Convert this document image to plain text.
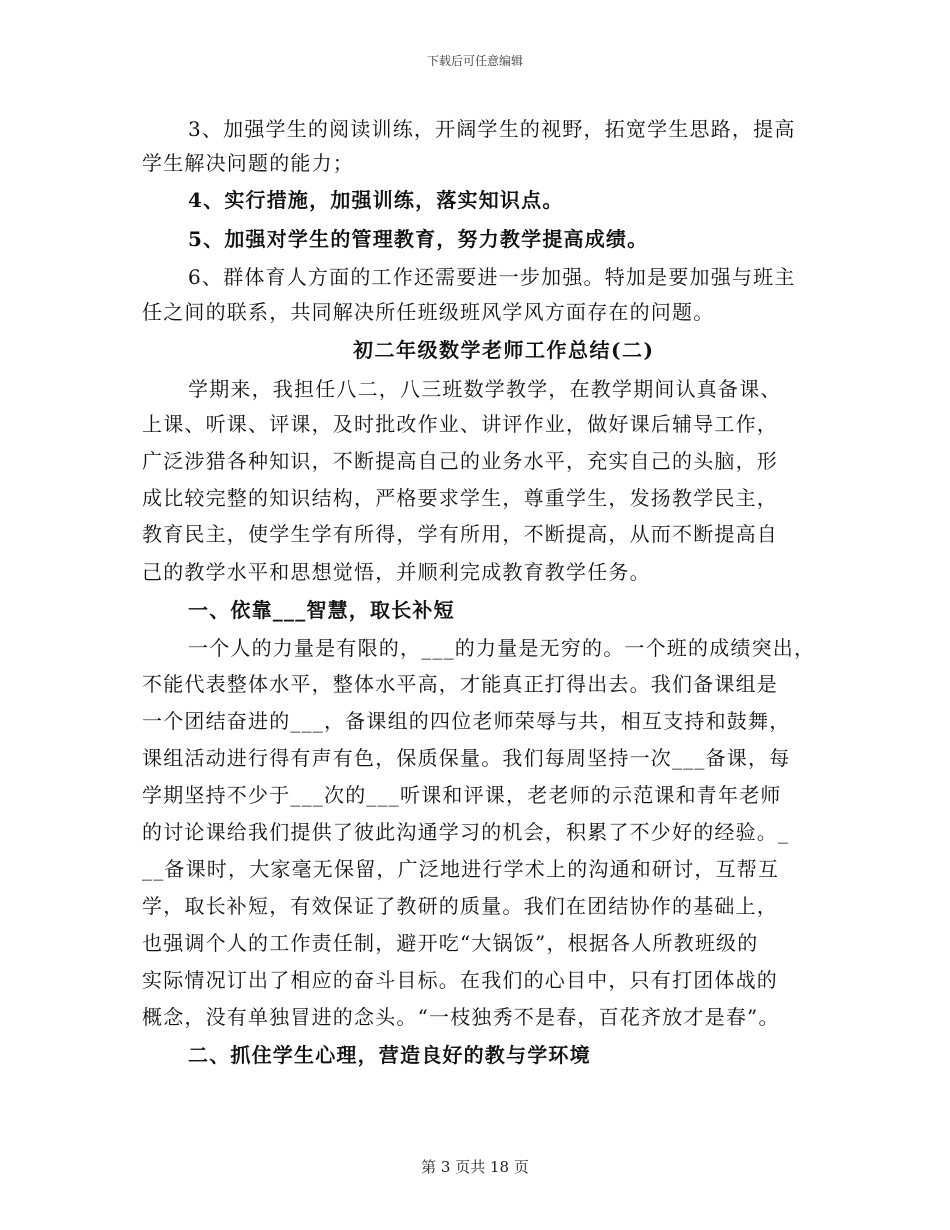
下载后可任意编辑
3、加强学生的阅读训练，开阔学生的视野，拓宽学生思路，提高
学生解决问题的能力；
4、实行措施，加强训练，落实知识点。
5、加强对学生的管理教育，努力教学提高成绩。
6、群体育人方面的工作还需要进一步加强。特加是要加强与班主
任之间的联系，共同解决所任班级班风学风方面存在的问题。
初二年级数学老师工作总结(二)
学期来，我担任八二，八三班数学教学，在教学期间认真备课、
上课、听课、评课，及时批改作业、讲评作业，做好课后辅导工作，
广泛涉猎各种知识，不断提高自己的业务水平，充实自己的头脑，形
成比较完整的知识结构，严格要求学生，尊重学生，发扬教学民主，
教育民主，使学生学有所得，学有所用，不断提高，从而不断提高自
己的教学水平和思想觉悟，并顺利完成教育教学任务。
一、依靠___智慧，取长补短
一个人的力量是有限的，___的力量是无穷的。一个班的成绩突出，
不能代表整体水平，整体水平高，才能真正打得出去。我们备课组是
一个团结奋进的___，备课组的四位老师荣辱与共，相互支持和鼓舞，
课组活动进行得有声有色，保质保量。我们每周坚持一次___备课，每
学期坚持不少于___次的___听课和评课，老老师的示范课和青年老师
的讨论课给我们提供了彼此沟通学习的机会，积累了不少好的经验。_
__备课时，大家毫无保留，广泛地进行学术上的沟通和研讨，互帮互
学，取长补短，有效保证了教研的质量。我们在团结协作的基础上，
也强调个人的工作责任制，避开吃“大锅饭”，根据各人所教班级的
实际情况订出了相应的奋斗目标。在我们的心目中，只有打团体战的
概念，没有单独冒进的念头。“一枝独秀不是春，百花齐放才是春”。
二、抓住学生心理，营造良好的教与学环境
第 3 页共 18 页
